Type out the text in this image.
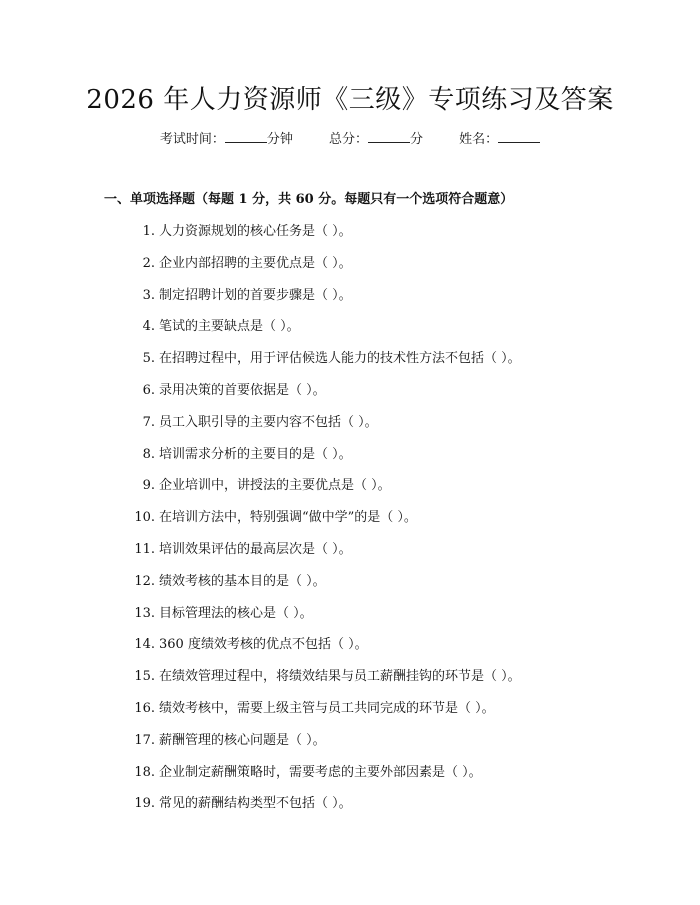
2026 年人力资源师《三级》专项练习及答案
考试时间：	分钟	总分：	分	姓名：
一、单项选择题（每题 1 分，共 60 分。每题只有一个选项符合题意）
1. 人力资源规划的核心任务是（ ）。
2. 企业内部招聘的主要优点是（ ）。
3. 制定招聘计划的首要步骤是（ ）。
4. 笔试的主要缺点是（ ）。
5. 在招聘过程中，用于评估候选人能力的技术性方法不包括（ ）。
6. 录用决策的首要依据是（ ）。
7. 员工入职引导的主要内容不包括（ ）。
8. 培训需求分析的主要目的是（ ）。
9. 企业培训中，讲授法的主要优点是（ ）。
10. 在培训方法中，特别强调“做中学”的是（ ）。
11. 培训效果评估的最高层次是（ ）。
12. 绩效考核的基本目的是（ ）。
13. 目标管理法的核心是（ ）。
14. 360 度绩效考核的优点不包括（ ）。
15. 在绩效管理过程中，将绩效结果与员工薪酬挂钩的环节是（ ）。
16. 绩效考核中，需要上级主管与员工共同完成的环节是（ ）。
17. 薪酬管理的核心问题是（ ）。
18. 企业制定薪酬策略时，需要考虑的主要外部因素是（ ）。
19. 常见的薪酬结构类型不包括（ ）。
